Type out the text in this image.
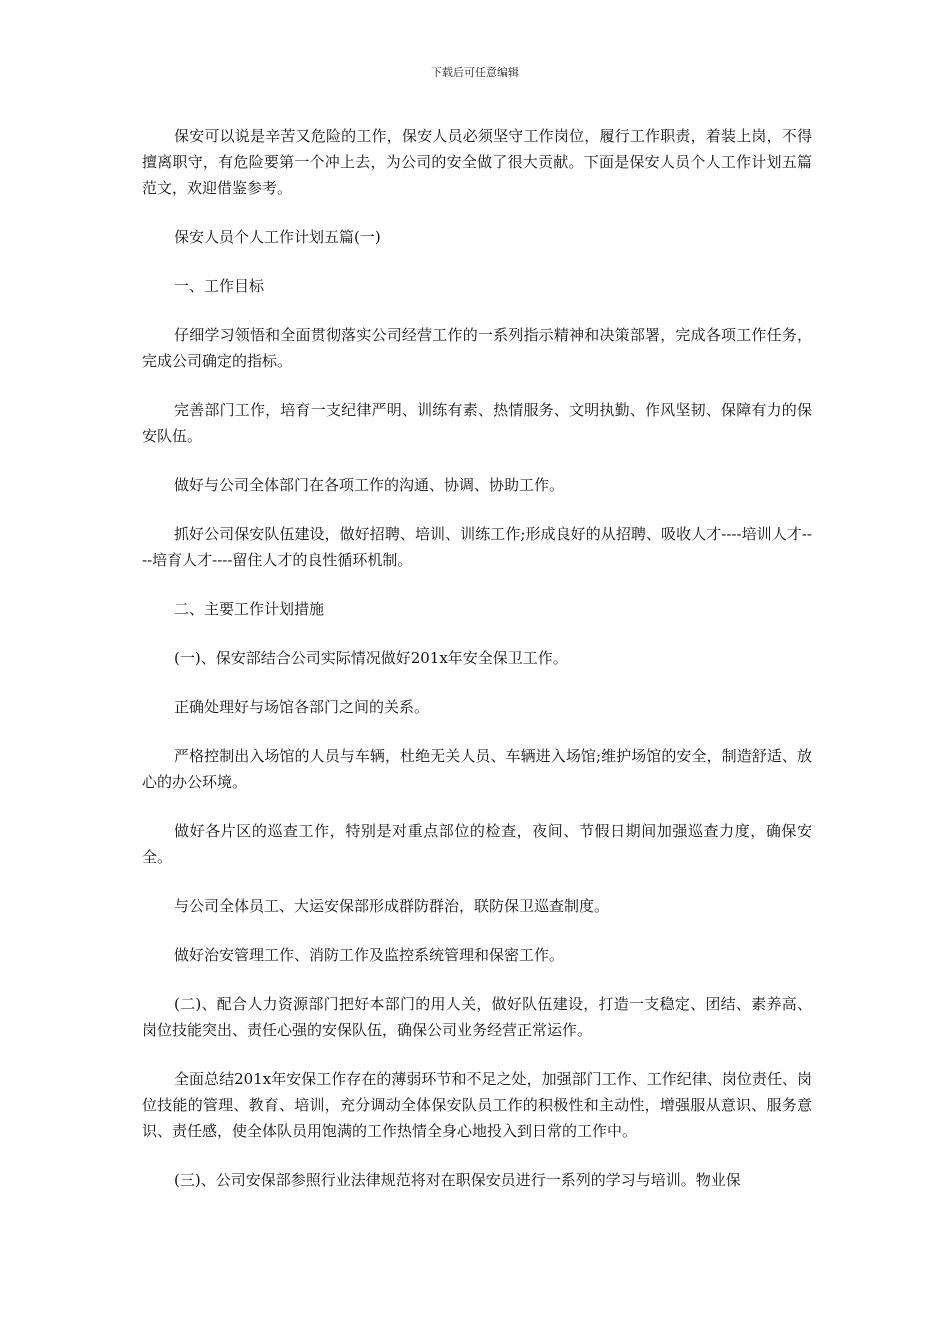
下载后可任意编辑

保安可以说是辛苦又危险的工作，保安人员必须坚守工作岗位，履行工作职责，着装上岗，不得擅离职守，有危险要第一个冲上去，为公司的安全做了很大贡献。下面是保安人员个人工作计划五篇范文，欢迎借鉴参考。

保安人员个人工作计划五篇(一)

一、工作目标

仔细学习领悟和全面贯彻落实公司经营工作的一系列指示精神和决策部署，完成各项工作任务，完成公司确定的指标。

完善部门工作，培育一支纪律严明、训练有素、热情服务、文明执勤、作风坚韧、保障有力的保安队伍。

做好与公司全体部门在各项工作的沟通、协调、协助工作。

抓好公司保安队伍建设，做好招聘、培训、训练工作;形成良好的从招聘、吸收人才----培训人才----培育人才----留住人才的良性循环机制。

二、主要工作计划措施

(一)、保安部结合公司实际情况做好201x年安全保卫工作。

正确处理好与场馆各部门之间的关系。

严格控制出入场馆的人员与车辆，杜绝无关人员、车辆进入场馆;维护场馆的安全，制造舒适、放心的办公环境。

做好各片区的巡查工作，特别是对重点部位的检查，夜间、节假日期间加强巡查力度，确保安全。

与公司全体员工、大运安保部形成群防群治，联防保卫巡查制度。

做好治安管理工作、消防工作及监控系统管理和保密工作。

(二)、配合人力资源部门把好本部门的用人关，做好队伍建设，打造一支稳定、团结、素养高、岗位技能突出、责任心强的安保队伍，确保公司业务经营正常运作。

全面总结201x年安保工作存在的薄弱环节和不足之处，加强部门工作、工作纪律、岗位责任、岗位技能的管理、教育、培训，充分调动全体保安队员工作的积极性和主动性，增强服从意识、服务意识、责任感，使全体队员用饱满的工作热情全身心地投入到日常的工作中。

(三)、公司安保部参照行业法律规范将对在职保安员进行一系列的学习与培训。物业保
